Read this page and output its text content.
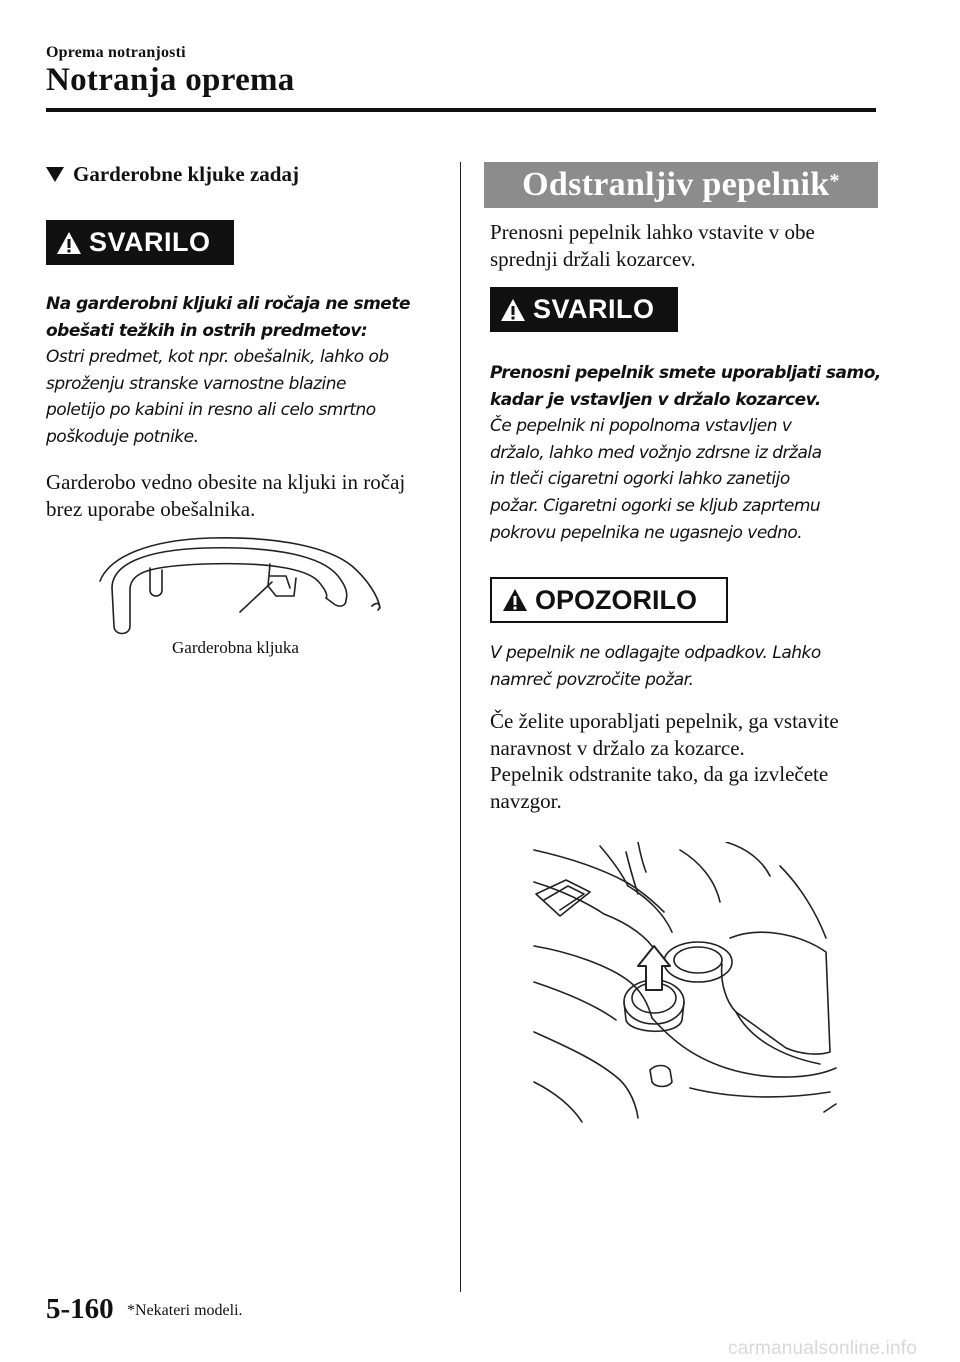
Oprema notranjosti
Notranja oprema
Garderobne kljuke zadaj
SVARILO

Na garderobni kljuki ali ročaja ne smete

obešati težkih in ostrih predmetov:

Ostri predmet, kot npr. obešalnik, lahko ob

sproženju stranske varnostne blazine

poletijo po kabini in resno ali celo smrtno

poškoduje potnike.

Garderobo vedno obesite na kljuki in ročaj

brez uporabe obešalnika.

Garderobna kljuka
Odstranljiv pepelnik*

Prenosni pepelnik lahko vstavite v obe

sprednji držali kozarcev.

SVARILO

Prenosni pepelnik smete uporabljati samo,

kadar je vstavljen v držalo kozarcev.

Če pepelnik ni popolnoma vstavljen v

držalo, lahko med vožnjo zdrsne iz držala

in tleči cigaretni ogorki lahko zanetijo

požar. Cigaretni ogorki se kljub zaprtemu

pokrovu pepelnika ne ugasnejo vedno.

OPOZORILO

V pepelnik ne odlagajte odpadkov. Lahko

namreč povzročite požar.

Če želite uporabljati pepelnik, ga vstavite

naravnost v držalo za kozarce.

Pepelnik odstranite tako, da ga izvlečete

navzgor.

5-160 *Nekateri modeli.
carmanualsonline.info
